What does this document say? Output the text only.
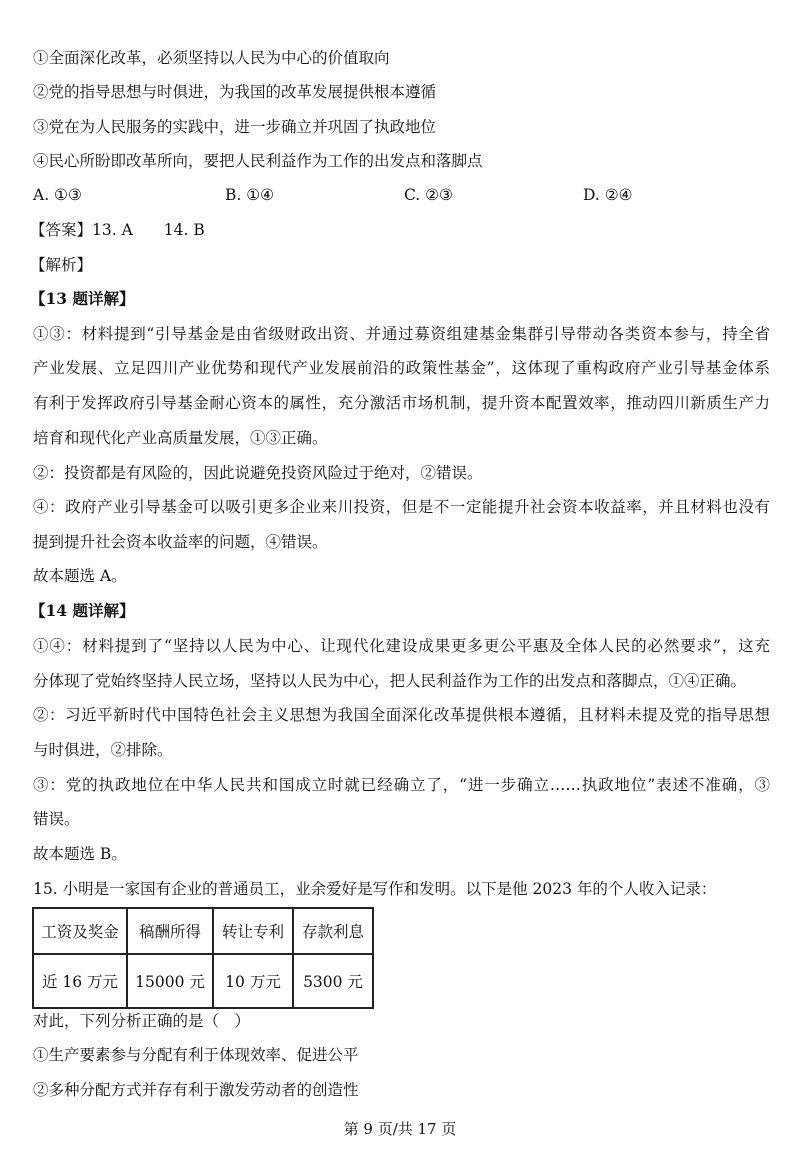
①全面深化改革，必须坚持以人民为中心的价值取向
②党的指导思想与时俱进，为我国的改革发展提供根本遵循
③党在为人民服务的实践中，进一步确立并巩固了执政地位
④民心所盼即改革所向，要把人民利益作为工作的出发点和落脚点
A. ①③	B. ①④	C. ②③	D. ②④
【答案】13. A　　14. B
【解析】
【13 题详解】
①③：材料提到“引导基金是由省级财政出资、并通过募资组建基金集群引导带动各类资本参与，持全省
产业发展、立足四川产业优势和现代产业发展前沿的政策性基金”，这体现了重构政府产业引导基金体系
有利于发挥政府引导基金耐心资本的属性，充分激活市场机制，提升资本配置效率，推动四川新质生产力
培育和现代化产业高质量发展，①③正确。
②：投资都是有风险的，因此说避免投资风险过于绝对，②错误。
④：政府产业引导基金可以吸引更多企业来川投资，但是不一定能提升社会资本收益率，并且材料也没有
提到提升社会资本收益率的问题，④错误。
故本题选 A。
【14 题详解】
①④：材料提到了“坚持以人民为中心、让现代化建设成果更多更公平惠及全体人民的必然要求”，这充
分体现了党始终坚持人民立场，坚持以人民为中心，把人民利益作为工作的出发点和落脚点，①④正确。
②：习近平新时代中国特色社会主义思想为我国全面深化改革提供根本遵循，且材料未提及党的指导思想
与时俱进，②排除。
③：党的执政地位在中华人民共和国成立时就已经确立了，“进一步确立……执政地位”表述不准确，③
错误。
故本题选 B。
15. 小明是一家国有企业的普通员工，业余爱好是写作和发明。以下是他 2023 年的个人收入记录：
工资及奖金	稿酬所得	转让专利	存款利息
近 16 万元	15000 元	10 万元	5300 元
对此，下列分析正确的是（　）
①生产要素参与分配有利于体现效率、促进公平
②多种分配方式并存有利于激发劳动者的创造性
第 9 页/共 17 页
